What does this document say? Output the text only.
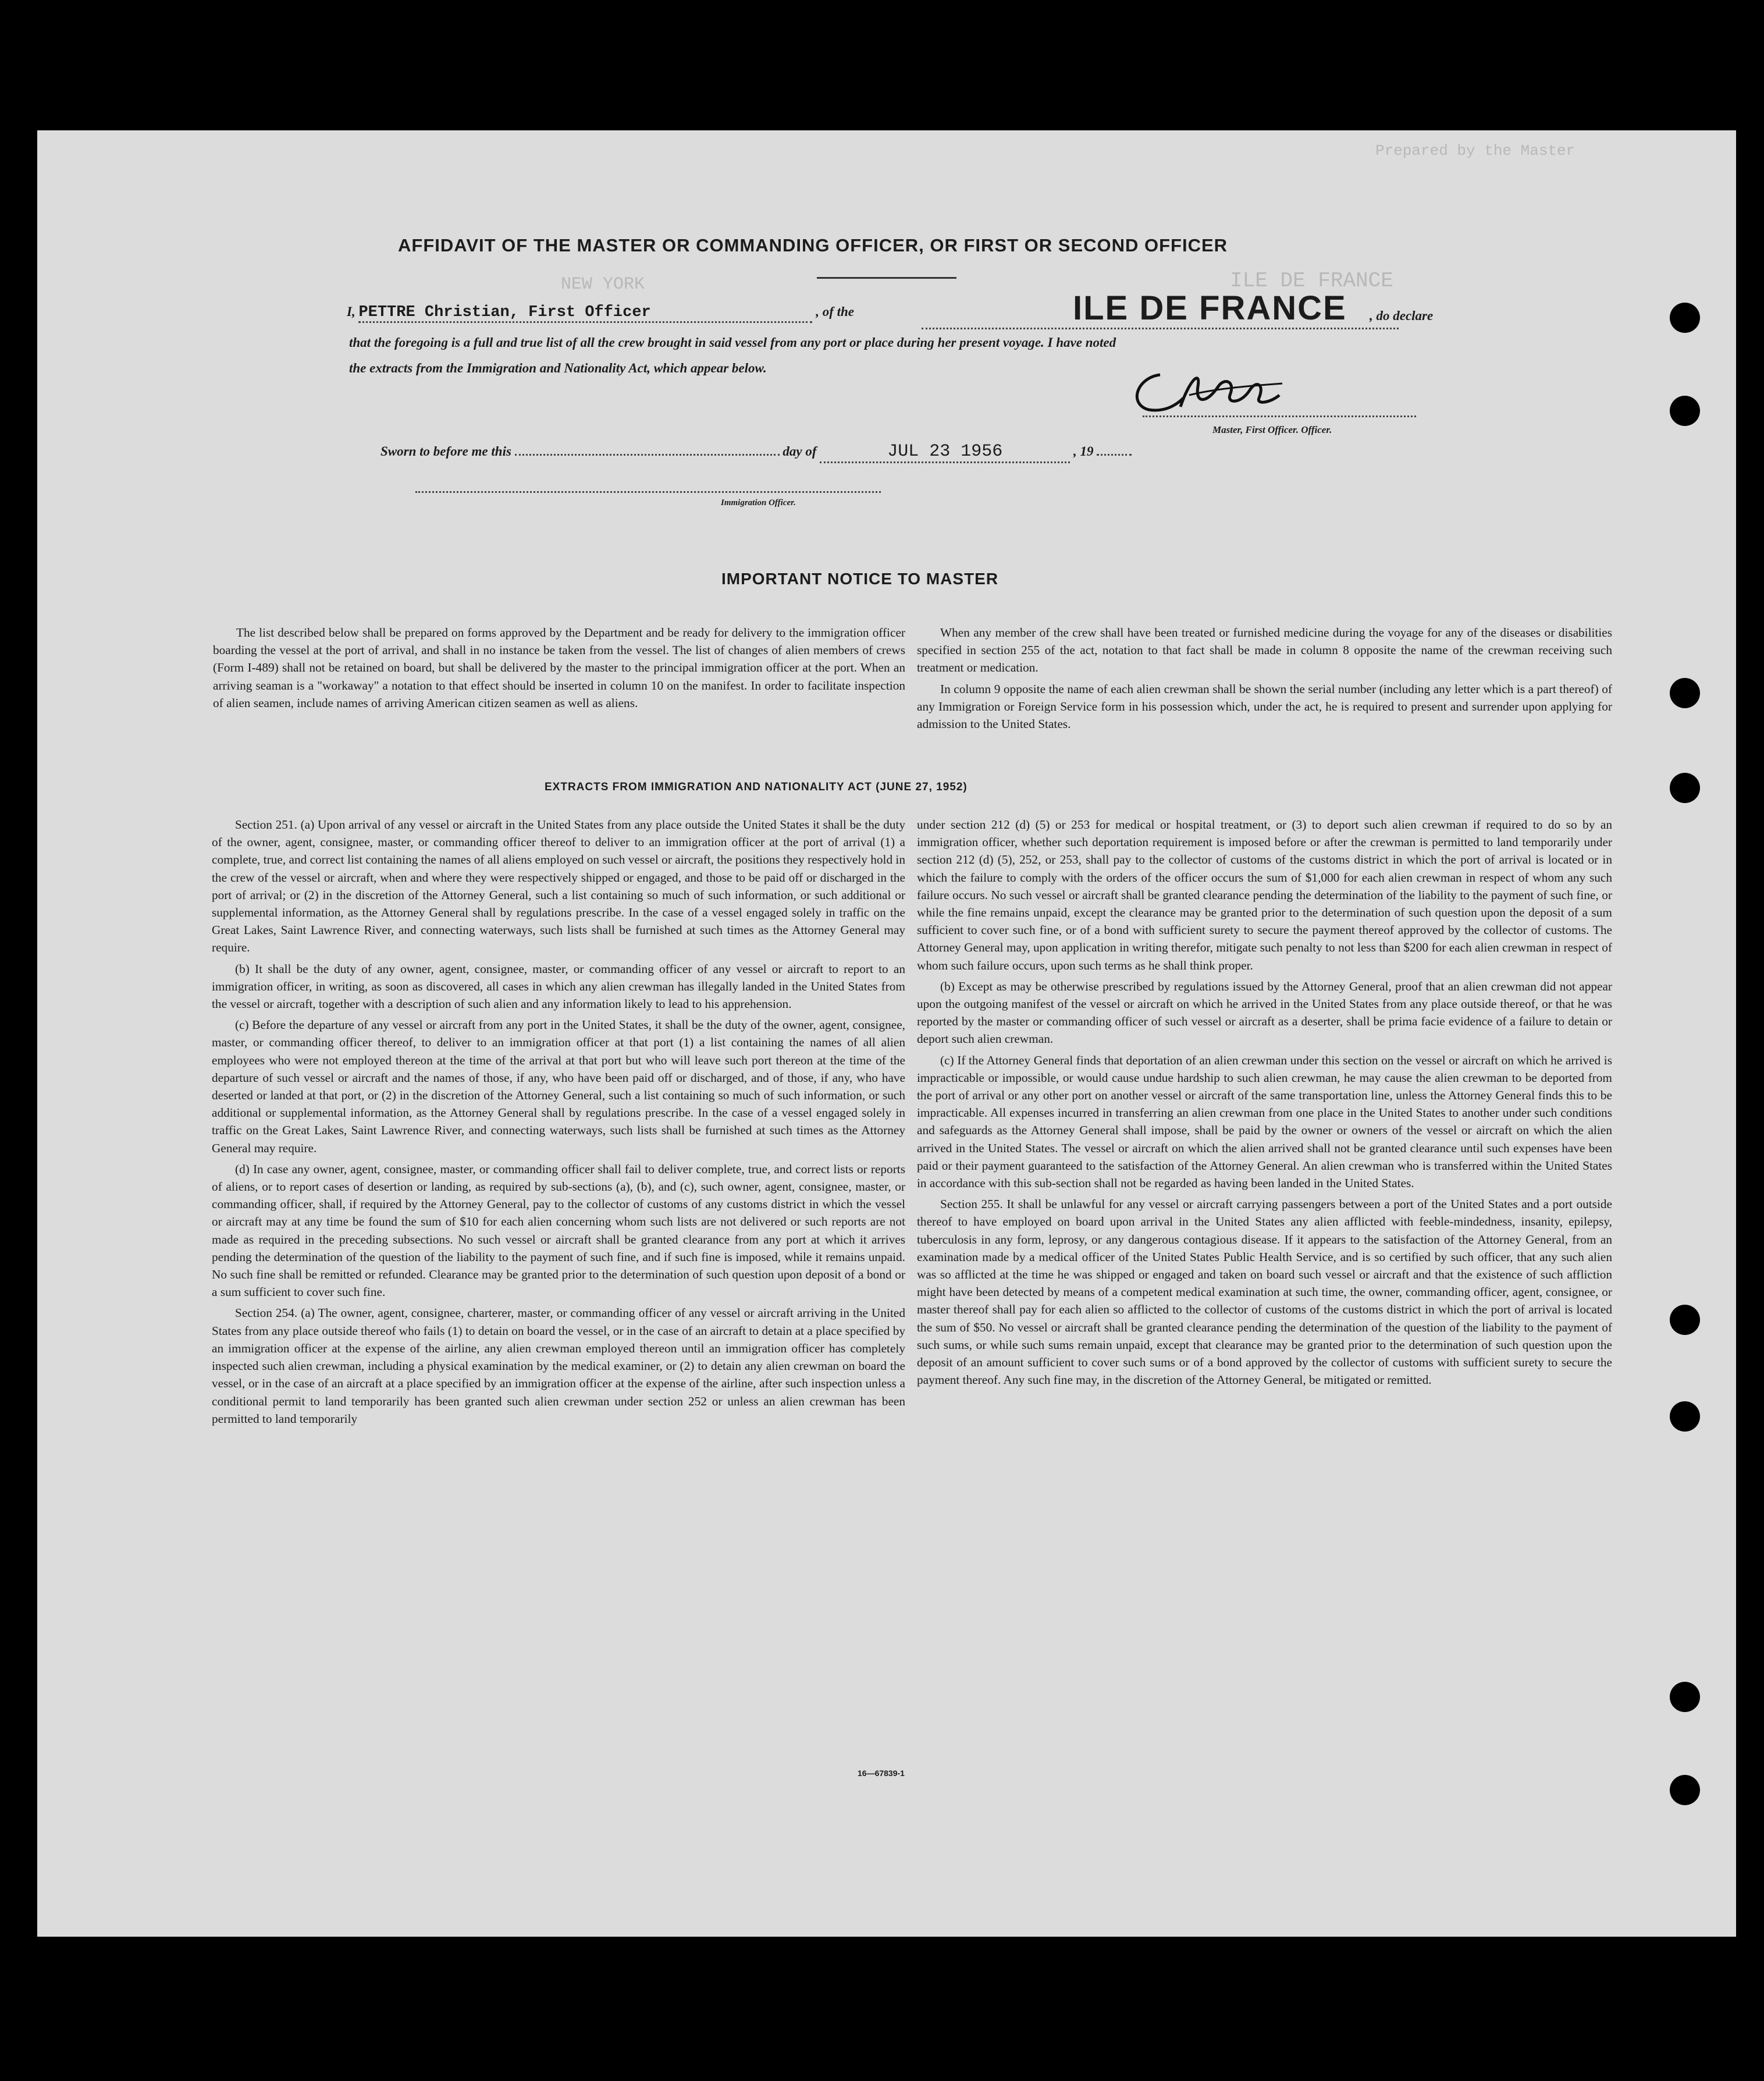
Prepared by the Master
NEW YORK	ILE DE FRANCE
AFFIDAVIT OF THE MASTER OR COMMANDING OFFICER, OR FIRST OR SECOND OFFICER
I, PETTRE Christian, First Officer	, of the	ILE DE FRANCE	, do declare
that the foregoing is a full and true list of all the crew brought in said vessel from any port or place during her present voyage. I have noted
the extracts from the Immigration and Nationality Act, which appear below.
Master, First Officer. Officer.
Sworn to before me this	day of	JUL 23 1956	, 19
Immigration Officer.
IMPORTANT NOTICE TO MASTER

The list described below shall be prepared on forms approved by the Department and be ready for delivery to the immigration officer boarding the vessel at the port of arrival, and shall in no instance be taken from the vessel. The list of changes of alien members of crews (Form I-489) shall not be retained on board, but shall be delivered by the master to the principal immigration officer at the port. When an arriving seaman is a "workaway" a notation to that effect should be inserted in column 10 on the manifest. In order to facilitate inspection of alien seamen, include names of arriving American citizen seamen as well as aliens.

When any member of the crew shall have been treated or furnished medicine during the voyage for any of the diseases or disabilities specified in section 255 of the act, notation to that fact shall be made in column 8 opposite the name of the crewman receiving such treatment or medication.

In column 9 opposite the name of each alien crewman shall be shown the serial number (including any letter which is a part thereof) of any Immigration or Foreign Service form in his possession which, under the act, he is required to present and surrender upon applying for admission to the United States.

EXTRACTS FROM IMMIGRATION AND NATIONALITY ACT (JUNE 27, 1952)

Section 251. (a) Upon arrival of any vessel or aircraft in the United States from any place outside the United States it shall be the duty of the owner, agent, consignee, master, or commanding officer thereof to deliver to an immigration officer at the port of arrival (1) a complete, true, and correct list containing the names of all aliens employed on such vessel or aircraft, the positions they respectively hold in the crew of the vessel or aircraft, when and where they were respectively shipped or engaged, and those to be paid off or discharged in the port of arrival; or (2) in the discretion of the Attorney General, such a list containing so much of such information, or such additional or supplemental information, as the Attorney General shall by regulations prescribe. In the case of a vessel engaged solely in traffic on the Great Lakes, Saint Lawrence River, and connecting waterways, such lists shall be furnished at such times as the Attorney General may require.

(b) It shall be the duty of any owner, agent, consignee, master, or commanding officer of any vessel or aircraft to report to an immigration officer, in writing, as soon as discovered, all cases in which any alien crewman has illegally landed in the United States from the vessel or aircraft, together with a description of such alien and any information likely to lead to his apprehension.

(c) Before the departure of any vessel or aircraft from any port in the United States, it shall be the duty of the owner, agent, consignee, master, or commanding officer thereof, to deliver to an immigration officer at that port (1) a list containing the names of all alien employees who were not employed thereon at the time of the arrival at that port but who will leave such port thereon at the time of the departure of such vessel or aircraft and the names of those, if any, who have been paid off or discharged, and of those, if any, who have deserted or landed at that port, or (2) in the discretion of the Attorney General, such a list containing so much of such information, or such additional or supplemental information, as the Attorney General shall by regulations prescribe. In the case of a vessel engaged solely in traffic on the Great Lakes, Saint Lawrence River, and connecting waterways, such lists shall be furnished at such times as the Attorney General may require.

(d) In case any owner, agent, consignee, master, or commanding officer shall fail to deliver complete, true, and correct lists or reports of aliens, or to report cases of desertion or landing, as required by sub-sections (a), (b), and (c), such owner, agent, consignee, master, or commanding officer, shall, if required by the Attorney General, pay to the collector of customs of any customs district in which the vessel or aircraft may at any time be found the sum of $10 for each alien concerning whom such lists are not delivered or such reports are not made as required in the preceding subsections. No such vessel or aircraft shall be granted clearance from any port at which it arrives pending the determination of the question of the liability to the payment of such fine, and if such fine is imposed, while it remains unpaid. No such fine shall be remitted or refunded. Clearance may be granted prior to the determination of such question upon deposit of a bond or a sum sufficient to cover such fine.

Section 254. (a) The owner, agent, consignee, charterer, master, or commanding officer of any vessel or aircraft arriving in the United States from any place outside thereof who fails (1) to detain on board the vessel, or in the case of an aircraft to detain at a place specified by an immigration officer at the expense of the airline, any alien crewman employed thereon until an immigration officer has completely inspected such alien crewman, including a physical examination by the medical examiner, or (2) to detain any alien crewman on board the vessel, or in the case of an aircraft at a place specified by an immigration officer at the expense of the airline, after such inspection unless a conditional permit to land temporarily has been granted such alien crewman under section 252 or unless an alien crewman has been permitted to land temporarily

under section 212 (d) (5) or 253 for medical or hospital treatment, or (3) to deport such alien crewman if required to do so by an immigration officer, whether such deportation requirement is imposed before or after the crewman is permitted to land temporarily under section 212 (d) (5), 252, or 253, shall pay to the collector of customs of the customs district in which the port of arrival is located or in which the failure to comply with the orders of the officer occurs the sum of $1,000 for each alien crewman in respect of whom any such failure occurs. No such vessel or aircraft shall be granted clearance pending the determination of the liability to the payment of such fine, or while the fine remains unpaid, except the clearance may be granted prior to the determination of such question upon the deposit of a sum sufficient to cover such fine, or of a bond with sufficient surety to secure the payment thereof approved by the collector of customs. The Attorney General may, upon application in writing therefor, mitigate such penalty to not less than $200 for each alien crewman in respect of whom such failure occurs, upon such terms as he shall think proper.

(b) Except as may be otherwise prescribed by regulations issued by the Attorney General, proof that an alien crewman did not appear upon the outgoing manifest of the vessel or aircraft on which he arrived in the United States from any place outside thereof, or that he was reported by the master or commanding officer of such vessel or aircraft as a deserter, shall be prima facie evidence of a failure to detain or deport such alien crewman.

(c) If the Attorney General finds that deportation of an alien crewman under this section on the vessel or aircraft on which he arrived is impracticable or impossible, or would cause undue hardship to such alien crewman, he may cause the alien crewman to be deported from the port of arrival or any other port on another vessel or aircraft of the same transportation line, unless the Attorney General finds this to be impracticable. All expenses incurred in transferring an alien crewman from one place in the United States to another under such conditions and safeguards as the Attorney General shall impose, shall be paid by the owner or owners of the vessel or aircraft on which the alien arrived in the United States. The vessel or aircraft on which the alien arrived shall not be granted clearance until such expenses have been paid or their payment guaranteed to the satisfaction of the Attorney General. An alien crewman who is transferred within the United States in accordance with this sub-section shall not be regarded as having been landed in the United States.

Section 255. It shall be unlawful for any vessel or aircraft carrying passengers between a port of the United States and a port outside thereof to have employed on board upon arrival in the United States any alien afflicted with feeble-mindedness, insanity, epilepsy, tuberculosis in any form, leprosy, or any dangerous contagious disease. If it appears to the satisfaction of the Attorney General, from an examination made by a medical officer of the United States Public Health Service, and is so certified by such officer, that any such alien was so afflicted at the time he was shipped or engaged and taken on board such vessel or aircraft and that the existence of such affliction might have been detected by means of a competent medical examination at such time, the owner, commanding officer, agent, consignee, or master thereof shall pay for each alien so afflicted to the collector of customs of the customs district in which the port of arrival is located the sum of $50. No vessel or aircraft shall be granted clearance pending the determination of the question of the liability to the payment of such sums, or while such sums remain unpaid, except that clearance may be granted prior to the determination of such question upon the deposit of an amount sufficient to cover such sums or of a bond approved by the collector of customs with sufficient surety to secure the payment thereof. Any such fine may, in the discretion of the Attorney General, be mitigated or remitted.

16—67839-1
